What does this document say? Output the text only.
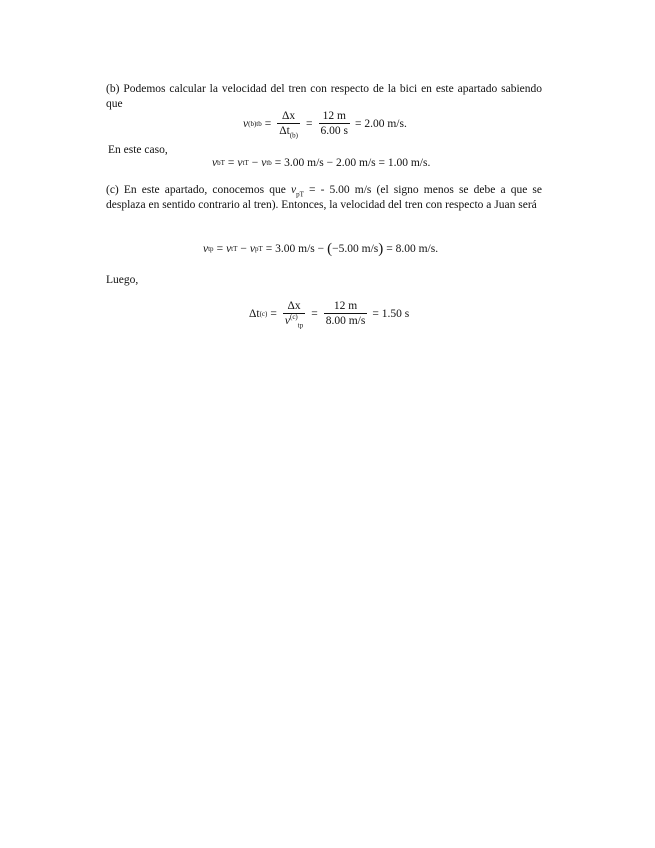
(b) Podemos calcular la velocidad del tren con respecto de la bici en este apartado sabiendo que

v (b) tb = $\frac{\Delta x}{\Delta t_{(b)}} = \frac{12 m}{6.00 s} = 2.00$ m/s.

En este caso,

v bT = v tT − v tb = 3.00 m/s − 2.00 m/s = 1.00 m/s.

(c) En este apartado, conocemos que $v_{pT}$ = - 5.00 m/s (el signo menos se debe a que se desplaza en sentido contrario al tren). Entonces, la velocidad del tren con respecto a Juan será

v tp = v tT − v pT = 3.00 m/s − ( −5.00 m/s ) = 8.00 m/s.

Luego,

Δt $(c) = \frac{\Delta x}{v^{(c)}_{tp}} = \frac{12 m}{8.00 m/s} = 1.50$ s
